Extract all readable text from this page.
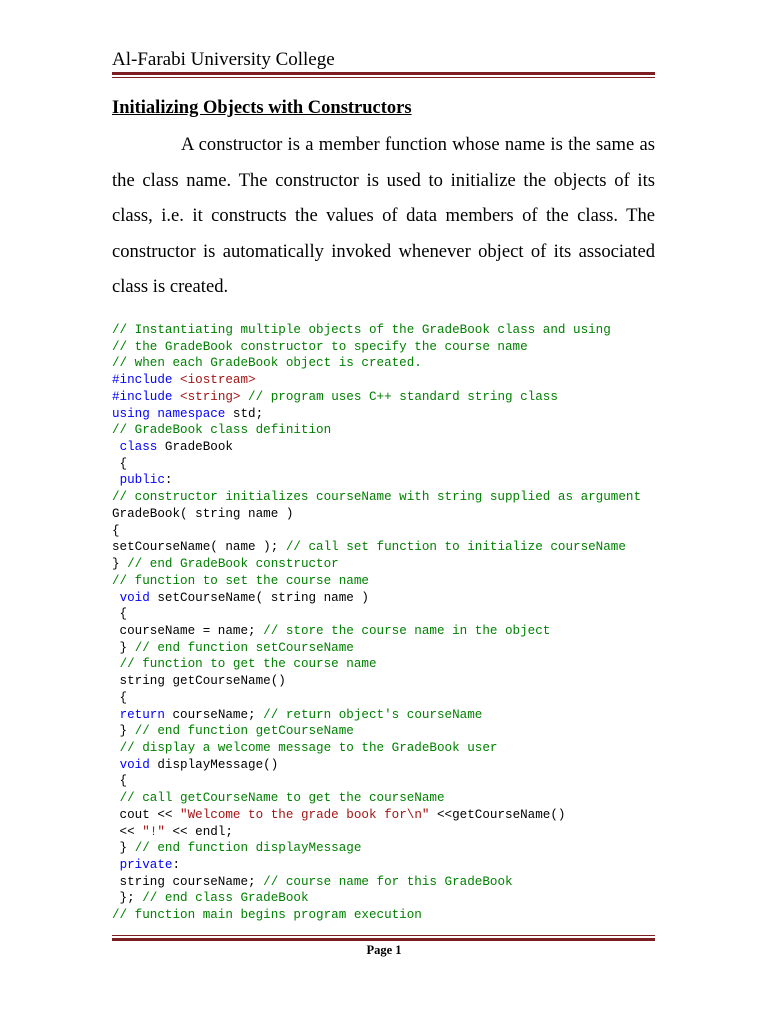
Al-Farabi University College
Initializing Objects with Constructors

A constructor is a member function whose name is the same as the class name. The constructor is used to initialize the objects of its class, i.e. it constructs the values of data members of the class. The constructor is automatically invoked whenever object of its associated class is created.

// Instantiating multiple objects of the GradeBook class and using
// the GradeBook constructor to specify the course name
// when each GradeBook object is created.
#include <iostream>
#include <string> // program uses C++ standard string class
using namespace std;
// GradeBook class definition
class GradeBook
{
public:
// constructor initializes courseName with string supplied as argument
GradeBook( string name )
{
setCourseName( name ); // call set function to initialize courseName
} // end GradeBook constructor
// function to set the course name
void setCourseName( string name )
{
courseName = name; // store the course name in the object
} // end function setCourseName
// function to get the course name
string getCourseName()
{
return courseName; // return object's courseName
} // end function getCourseName
// display a welcome message to the GradeBook user
void displayMessage()
{
// call getCourseName to get the courseName
cout << "Welcome to the grade book for\n" <<getCourseName()
<< "!" << endl;
} // end function displayMessage
private:
string courseName; // course name for this GradeBook
}; // end class GradeBook
// function main begins program execution
Page 1
